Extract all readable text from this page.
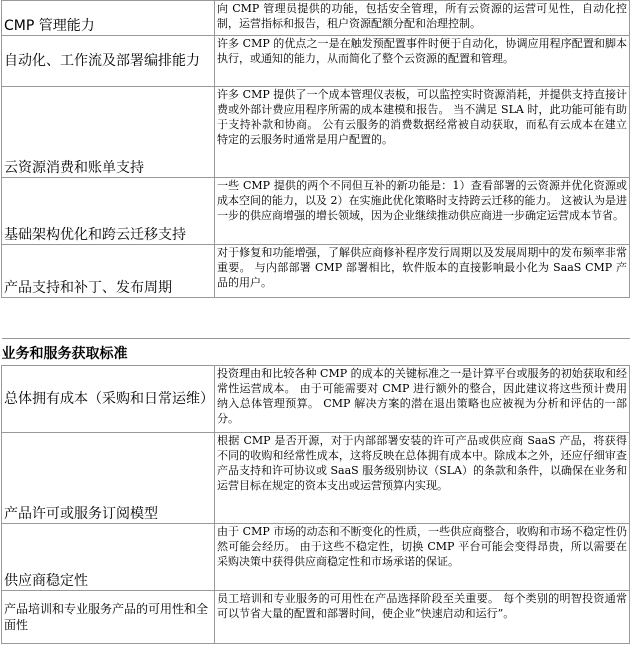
CMP 管理能力	向 CMP 管理员提供的功能，包括安全管理，所有云资源的运营可见性，自动化控制，运营指标和报告，租户资源配额分配和治理控制。
自动化、工作流及部署编排能力	许多 CMP 的优点之一是在触发预配置事件时便于自动化，协调应用程序配置和脚本执行，或通知的能力，从而简化了整个云资源的配置和管理。
云资源消费和账单支持	许多 CMP 提供了一个成本管理仪表板，可以监控实时资源消耗，并提供支持直接计费或外部计费应用程序所需的成本建模和报告。 当不满足 SLA 时，此功能可能有助于支持补款和协商。 公有云服务的消费数据经常被自动获取，而私有云成本在建立特定的云服务时通常是用户配置的。
基础架构优化和跨云迁移支持	一些 CMP 提供的两个不同但互补的新功能是：1）查看部署的云资源并优化资源或成本空间的能力，以及 2）在实施此优化策略时支持跨云迁移的能力。 这被认为是进一步的供应商增强的增长领域，因为企业继续推动供应商进一步确定运营成本节省。
产品支持和补丁、发布周期	对于修复和功能增强，了解供应商修补程序发行周期以及发展周期中的发布频率非常重要。 与内部部署 CMP 部署相比，软件版本的直接影响最小化为 SaaS CMP 产品的用户。

业务和服务获取标准	
总体拥有成本（采购和日常运维）	投资理由和比较各种 CMP 的成本的关键标准之一是计算平台或服务的初始获取和经常性运营成本。 由于可能需要对 CMP 进行额外的整合，因此建议将这些预计费用纳入总体管理预算。 CMP 解决方案的潜在退出策略也应被视为分析和评估的一部分。
产品许可或服务订阅模型	根据 CMP 是否开源，对于内部部署安装的许可产品或供应商 SaaS 产品，将获得不同的收购和经常性成本，这将反映在总体拥有成本中。除成本之外，还应仔细审查产品支持和许可协议或 SaaS 服务级别协议（SLA）的条款和条件，以确保在业务和运营目标在规定的资本支出或运营预算内实现。
供应商稳定性	由于 CMP 市场的动态和不断变化的性质，一些供应商整合，收购和市场不稳定性仍然可能会经历。 由于这些不稳定性，切换 CMP 平台可能会变得昂贵，所以需要在采购决策中获得供应商稳定性和市场承诺的保证。
产品培训和专业服务产品的可用性和全面性	员工培训和专业服务的可用性在产品选择阶段至关重要。 每个类别的明智投资通常可以节省大量的配置和部署时间，使企业“快速启动和运行”。
